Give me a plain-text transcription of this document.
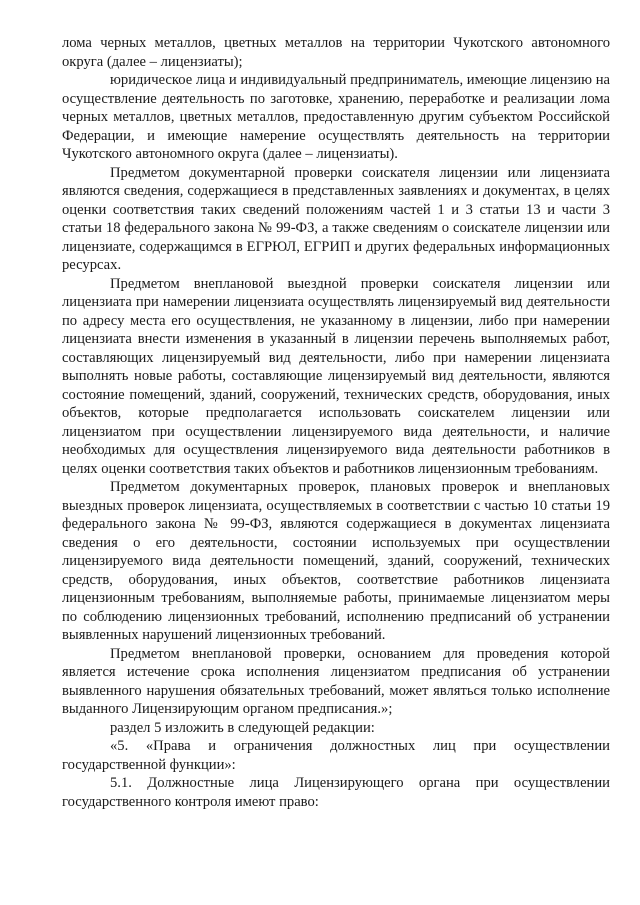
лома черных металлов, цветных металлов на территории Чукотского автономного округа (далее – лицензиаты);

юридическое лица и индивидуальный предприниматель, имеющие лицензию на осуществление деятельность по заготовке, хранению, переработке и реализации лома черных металлов, цветных металлов, предоставленную другим субъектом Российской Федерации, и имеющие намерение осуществлять деятельность на территории Чукотского автономного округа (далее – лицензиаты).

Предметом документарной проверки соискателя лицензии или лицензиата являются сведения, содержащиеся в представленных заявлениях и документах, в целях оценки соответствия таких сведений положениям частей 1 и 3 статьи 13 и части 3 статьи 18 федерального закона № 99-ФЗ, а также сведениям о соискателе лицензии или лицензиате, содержащимся в ЕГРЮЛ, ЕГРИП и других федеральных информационных ресурсах.

Предметом внеплановой выездной проверки соискателя лицензии или лицензиата при намерении лицензиата осуществлять лицензируемый вид деятельности по адресу места его осуществления, не указанному в лицензии, либо при намерении лицензиата внести изменения в указанный в лицензии перечень выполняемых работ, составляющих лицензируемый вид деятельности, либо при намерении лицензиата выполнять новые работы, составляющие лицензируемый вид деятельности, являются состояние помещений, зданий, сооружений, технических средств, оборудования, иных объектов, которые предполагается использовать соискателем лицензии или лицензиатом при осуществлении лицензируемого вида деятельности, и наличие необходимых для осуществления лицензируемого вида деятельности работников в целях оценки соответствия таких объектов и работников лицензионным требованиям.

Предметом документарных проверок, плановых проверок и внеплановых выездных проверок лицензиата, осуществляемых в соответствии с частью 10 статьи 19 федерального закона № 99-ФЗ, являются содержащиеся в документах лицензиата сведения о его деятельности, состоянии используемых при осуществлении лицензируемого вида деятельности помещений, зданий, сооружений, технических средств, оборудования, иных объектов, соответствие работников лицензиата лицензионным требованиям, выполняемые работы, принимаемые лицензиатом меры по соблюдению лицензионных требований, исполнению предписаний об устранении выявленных нарушений лицензионных требований.

Предметом внеплановой проверки, основанием для проведения которой является истечение срока исполнения лицензиатом предписания об устранении выявленного нарушения обязательных требований, может являться только исполнение выданного Лицензирующим органом предписания.»;

раздел 5 изложить в следующей редакции:

«5. «Права и ограничения должностных лиц при осуществлении государственной функции»:

5.1. Должностные лица Лицензирующего органа при осуществлении государственного контроля имеют право:
